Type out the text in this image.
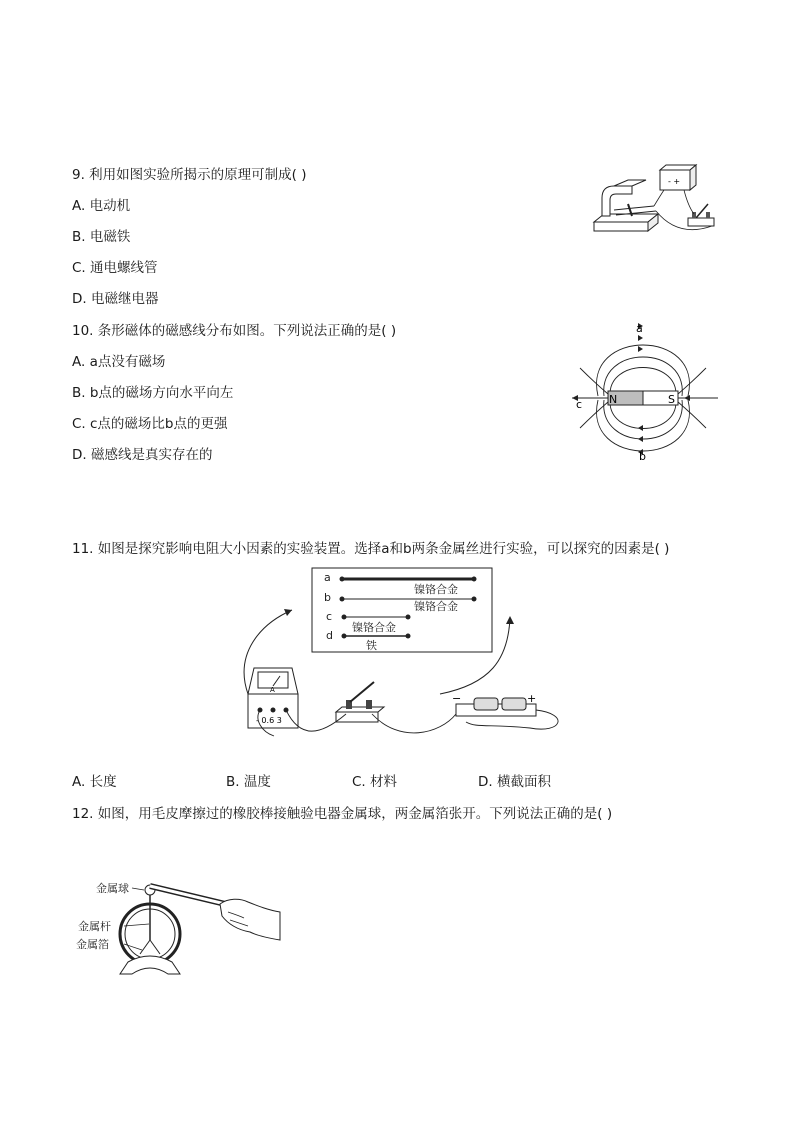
9. 利用如图实验所揭示的原理可制成( )
A. 电动机
B. 电磁铁
C. 通电螺线管
D. 电磁继电器
- +
10. 条形磁体的磁感线分布如图。下列说法正确的是( )
A. a点没有磁场
B. b点的磁场方向水平向左
C. c点的磁场比b点的更强
D. 磁感线是真实存在的
N	S
a
b
c
11. 如图是探究影响电阻大小因素的实验装置。选择a和b两条金属丝进行实验，可以探究的因素是( )
a
b
c
d
镍铬合金
镍铬合金
镍铬合金
铁
A
- 0.6 3
−	+
A. 长度	B. 温度	C. 材料	D. 横截面积
12. 如图，用毛皮摩擦过的橡胶棒接触验电器金属球，两金属箔张开。下列说法正确的是( )
金属球
金属杆
金属箔
